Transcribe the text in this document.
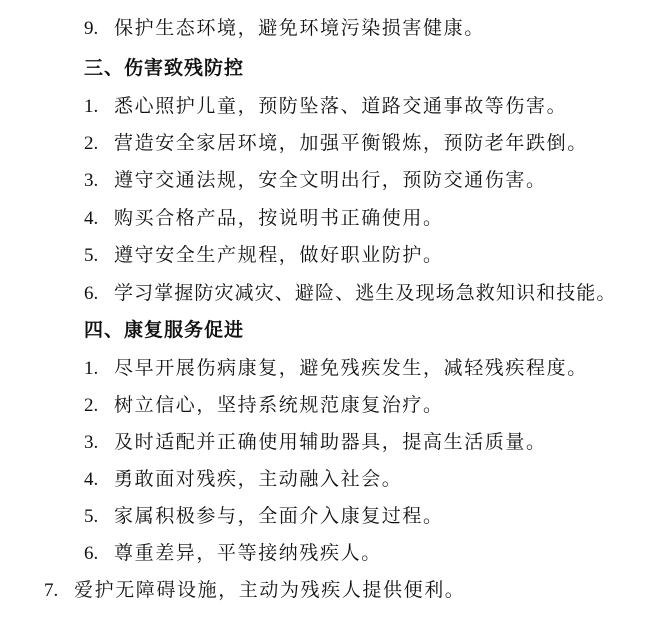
9. 保护生态环境，避免环境污染损害健康。
三、伤害致残防控
1. 悉心照护儿童，预防坠落、道路交通事故等伤害。
2. 营造安全家居环境，加强平衡锻炼，预防老年跌倒。
3. 遵守交通法规，安全文明出行，预防交通伤害。
4. 购买合格产品，按说明书正确使用。
5. 遵守安全生产规程，做好职业防护。
6. 学习掌握防灾减灾、避险、逃生及现场急救知识和技能。
四、康复服务促进
1. 尽早开展伤病康复，避免残疾发生，减轻残疾程度。
2. 树立信心，坚持系统规范康复治疗。
3. 及时适配并正确使用辅助器具，提高生活质量。
4. 勇敢面对残疾，主动融入社会。
5. 家属积极参与，全面介入康复过程。
6. 尊重差异，平等接纳残疾人。
7. 爱护无障碍设施，主动为残疾人提供便利。
